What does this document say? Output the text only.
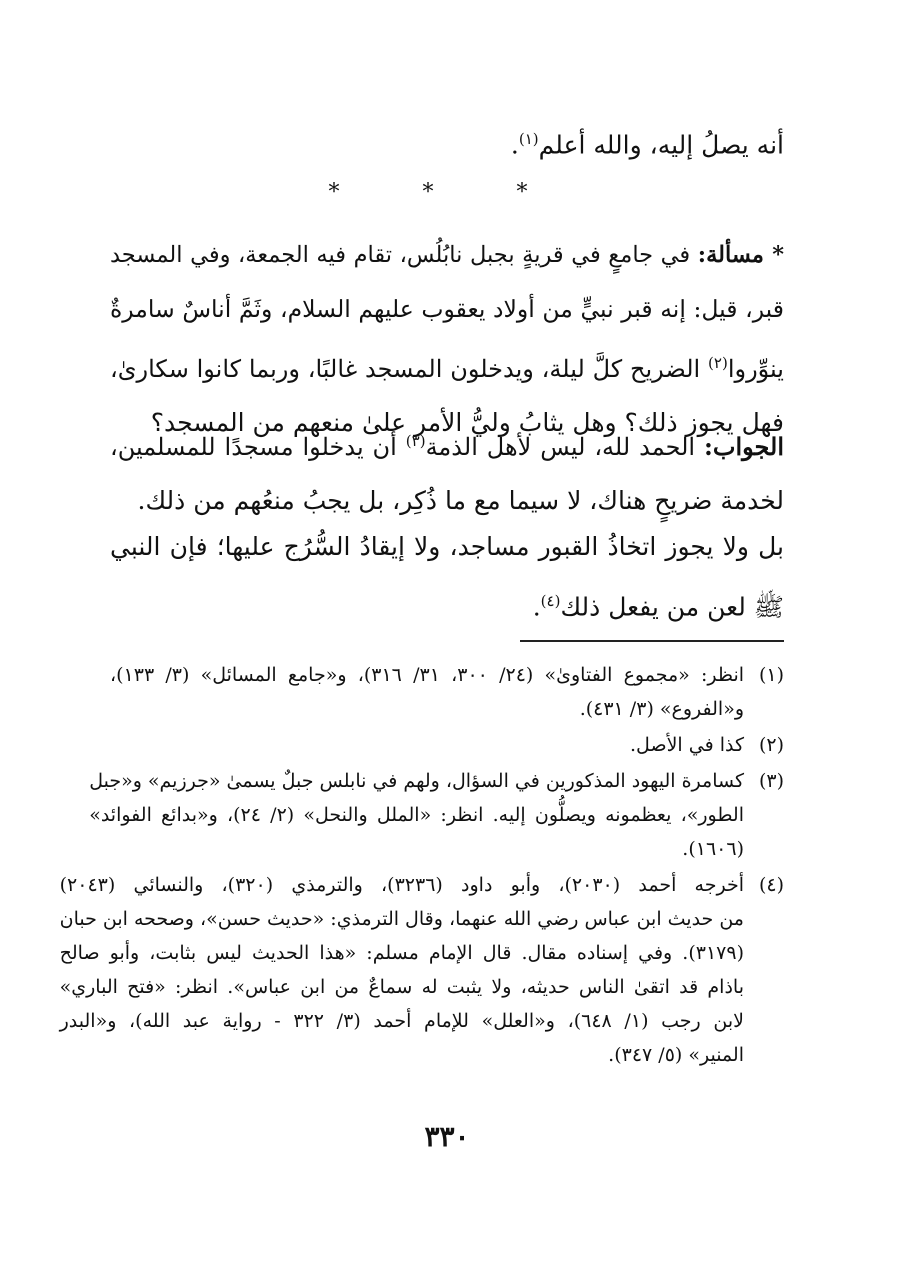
أنه يصلُ إليه، والله أعلم$^{(١)}$.

* * *

* مسألة: في جامعٍ في قريةٍ بجبل نابُلُس، تقام فيه الجمعة، وفي المسجد

قبر، قيل: إنه قبر نبيٍّ من أولاد يعقوب عليهم السلام، وثَمَّ أناسٌ سامرةٌ

ينوِّروا$^{(٢)}$ الضريح كلَّ ليلة، ويدخلون المسجد غالبًا، وربما كانوا سكارىٰ،

فهل يجوز ذلك؟ وهل يثابُ وليُّ الأمر علىٰ منعهم من المسجد؟

الجواب: الحمد لله، ليس لأهل الذمة$^{(٣)}$ أن يدخلوا مسجدًا للمسلمين،

لخدمة ضريحٍ هناك، لا سيما مع ما ذُكِر، بل يجبُ منعُهم من ذلك.

بل ولا يجوز اتخاذُ القبور مساجد، ولا إيقادُ السُّرُج عليها؛ فإن النبي

ﷺ لعن من يفعل ذلك$^{(٤)}$.

(١)
انظر: «مجموع الفتاوىٰ» (٢٤/ ٣٠٠، ٣١/ ٣١٦)، و«جامع المسائل» (٣/ ١٣٣)،
و«الفروع» (٣/ ٤٣١).
(٢)
كذا في الأصل.
(٣)
كسامرة اليهود المذكورين في السؤال، ولهم في نابلس جبلٌ يسمىٰ «جرزيم» و«جبل
الطور»، يعظمونه ويصلُّون إليه. انظر: «الملل والنحل» (٢/ ٢٤)، و«بدائع الفوائد»
(١٦٠٦).
(٤)
أخرجه أحمد (٢٠٣٠)، وأبو داود (٣٢٣٦)، والترمذي (٣٢٠)، والنسائي (٢٠٤٣)
من حديث ابن عباس رضي الله عنهما، وقال الترمذي: «حديث حسن»، وصححه ابن حبان
(٣١٧٩). وفي إسناده مقال. قال الإمام مسلم: «هذا الحديث ليس بثابت، وأبو صالح
باذام قد اتقىٰ الناس حديثه، ولا يثبت له سماعٌ من ابن عباس». انظر: «فتح الباري»
لابن رجب (١/ ٦٤٨)، و«العلل» للإمام أحمد (٣/ ٣٢٢ - رواية عبد الله)، و«البدر
المنير» (٥/ ٣٤٧).
٣٣٠
